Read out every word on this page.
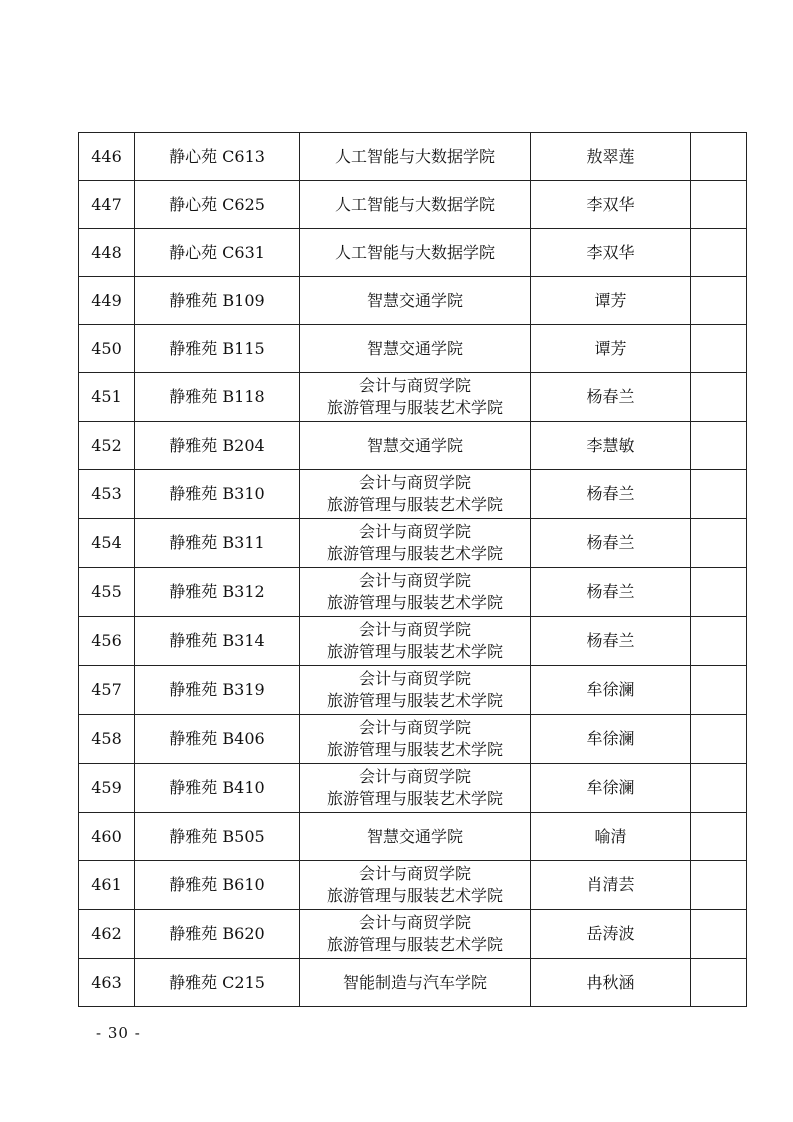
446	静心苑 C613	人工智能与大数据学院	敖翠莲	
447	静心苑 C625	人工智能与大数据学院	李双华	
448	静心苑 C631	人工智能与大数据学院	李双华	
449	静雅苑 B109	智慧交通学院	谭芳	
450	静雅苑 B115	智慧交通学院	谭芳	
451	静雅苑 B118	会计与商贸学院
旅游管理与服装艺术学院	杨春兰	
452	静雅苑 B204	智慧交通学院	李慧敏	
453	静雅苑 B310	会计与商贸学院
旅游管理与服装艺术学院	杨春兰	
454	静雅苑 B311	会计与商贸学院
旅游管理与服装艺术学院	杨春兰	
455	静雅苑 B312	会计与商贸学院
旅游管理与服装艺术学院	杨春兰	
456	静雅苑 B314	会计与商贸学院
旅游管理与服装艺术学院	杨春兰	
457	静雅苑 B319	会计与商贸学院
旅游管理与服装艺术学院	牟徐澜	
458	静雅苑 B406	会计与商贸学院
旅游管理与服装艺术学院	牟徐澜	
459	静雅苑 B410	会计与商贸学院
旅游管理与服装艺术学院	牟徐澜	
460	静雅苑 B505	智慧交通学院	喻清	
461	静雅苑 B610	会计与商贸学院
旅游管理与服装艺术学院	肖清芸	
462	静雅苑 B620	会计与商贸学院
旅游管理与服装艺术学院	岳涛波	
463	静雅苑 C215	智能制造与汽车学院	冉秋涵	
- 30 -
